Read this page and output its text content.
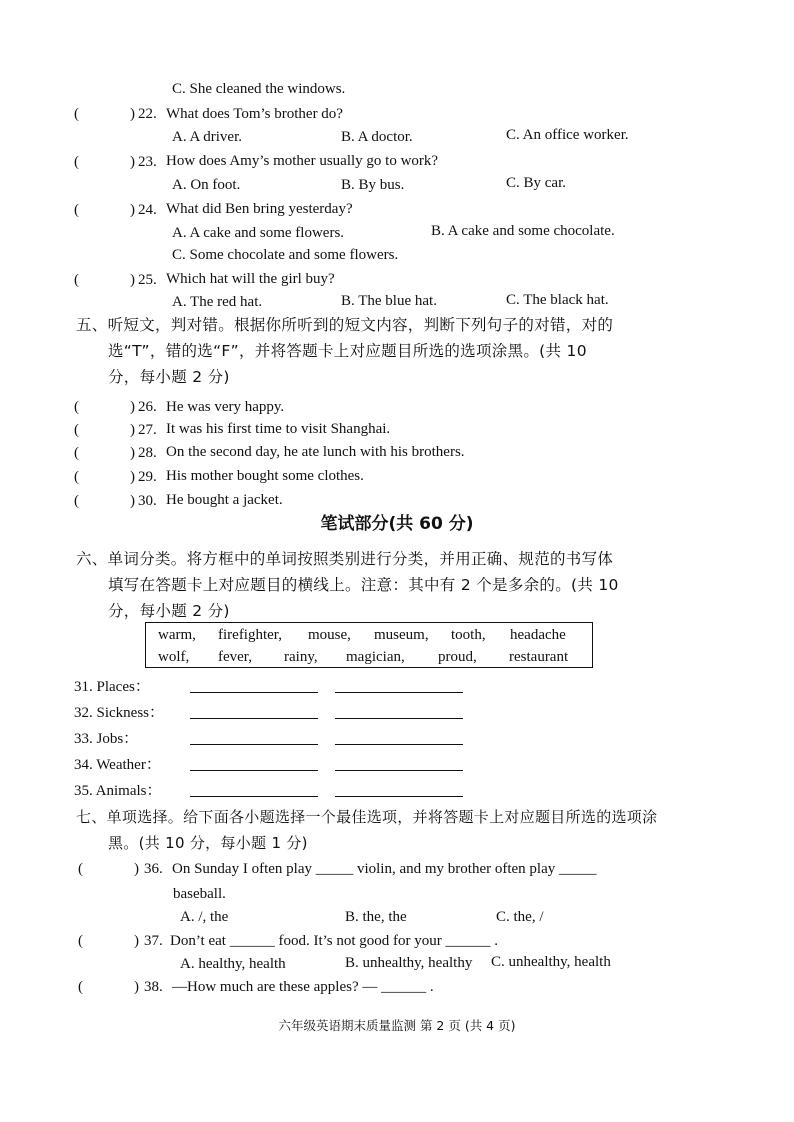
C. She cleaned the windows.
(	) 22. What does Tom’s brother do?
A. A driver.	B. A doctor.	C. An office worker.
(	) 23. How does Amy’s mother usually go to work?
A. On foot.	B. By bus.	C. By car.
(	) 24. What did Ben bring yesterday?
A. A cake and some flowers.	B. A cake and some chocolate.
C. Some chocolate and some flowers.
(	) 25. Which hat will the girl buy?
A. The red hat.	B. The blue hat.	C. The black hat.
五、听短文，判对错。根据你所听到的短文内容，判断下列句子的对错，对的
选“T”，错的选“F”，并将答题卡上对应题目所选的选项涂黑。(共 10
分，每小题 2 分)
(	) 26. He was very happy.
(	) 27. It was his first time to visit Shanghai.
(	) 28. On the second day, he ate lunch with his brothers.
(	) 29. His mother bought some clothes.
(	) 30. He bought a jacket.
笔试部分(共 60 分)
六、单词分类。将方框中的单词按照类别进行分类，并用正确、规范的书写体
填写在答题卡上对应题目的横线上。注意：其中有 2 个是多余的。(共 10
分，每小题 2 分)
warm, firefighter, mouse, museum, tooth, headache
wolf, fever, rainy, magician, proud, restaurant
31. Places：
32. Sickness：
33. Jobs：
34. Weather：
35. Animals：
七、单项选择。给下面各小题选择一个最佳选项，并将答题卡上对应题目所选的选项涂
黑。(共 10 分，每小题 1 分)
(	) 36. On Sunday I often play _____ violin, and my brother often play _____
baseball.
A. /, the	B. the, the	C. the, /
(	) 37. Don’t eat ______ food. It’s not good for your ______ .
A. healthy, health	B. unhealthy, healthy C. unhealthy, health
(	) 38. —How much are these apples? — ______ .
六年级英语期末质量监测 第 2 页 (共 4 页)
